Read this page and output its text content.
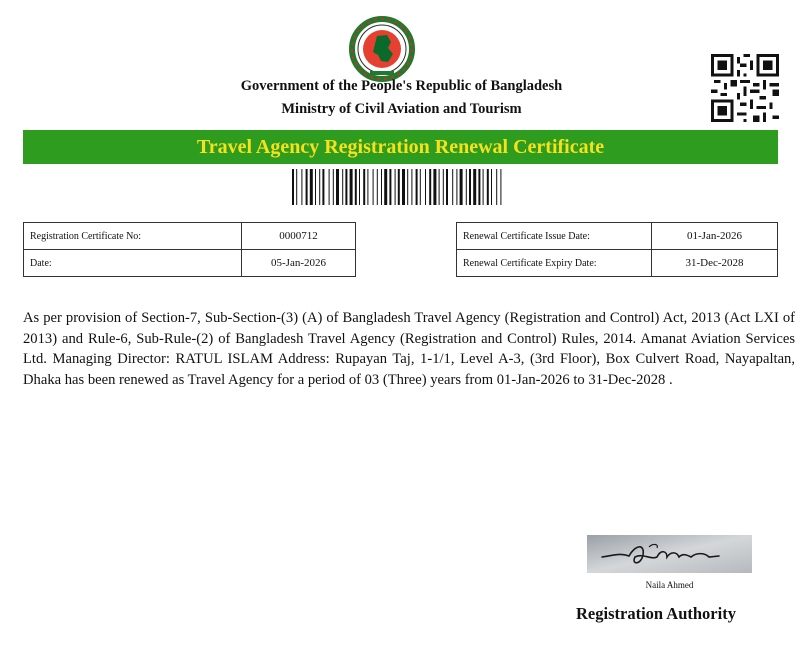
Government of the People's Republic of Bangladesh
Ministry of Civil Aviation and Tourism
Travel Agency Registration Renewal Certificate
Registration Certificate No:	0000712
Date:	05-Jan-2026
Renewal Certificate Issue Date:	01-Jan-2026
Renewal Certificate Expiry Date:	31-Dec-2028
As per provision of Section-7, Sub-Section-(3) (A) of Bangladesh Travel Agency (Registration and Control) Act, 2013 (Act LXI of 2013) and Rule-6, Sub-Rule-(2) of Bangladesh Travel Agency (Registration and Control) Rules, 2014. Amanat Aviation Services Ltd. Managing Director: RATUL ISLAM Address: Rupayan Taj, 1-1/1, Level A-3, (3rd Floor), Box Culvert Road, Nayapaltan, Dhaka has been renewed as Travel Agency for a period of 03 (Three) years from 01-Jan-2026 to 31-Dec-2028 .
Naila Ahmed
Registration Authority
